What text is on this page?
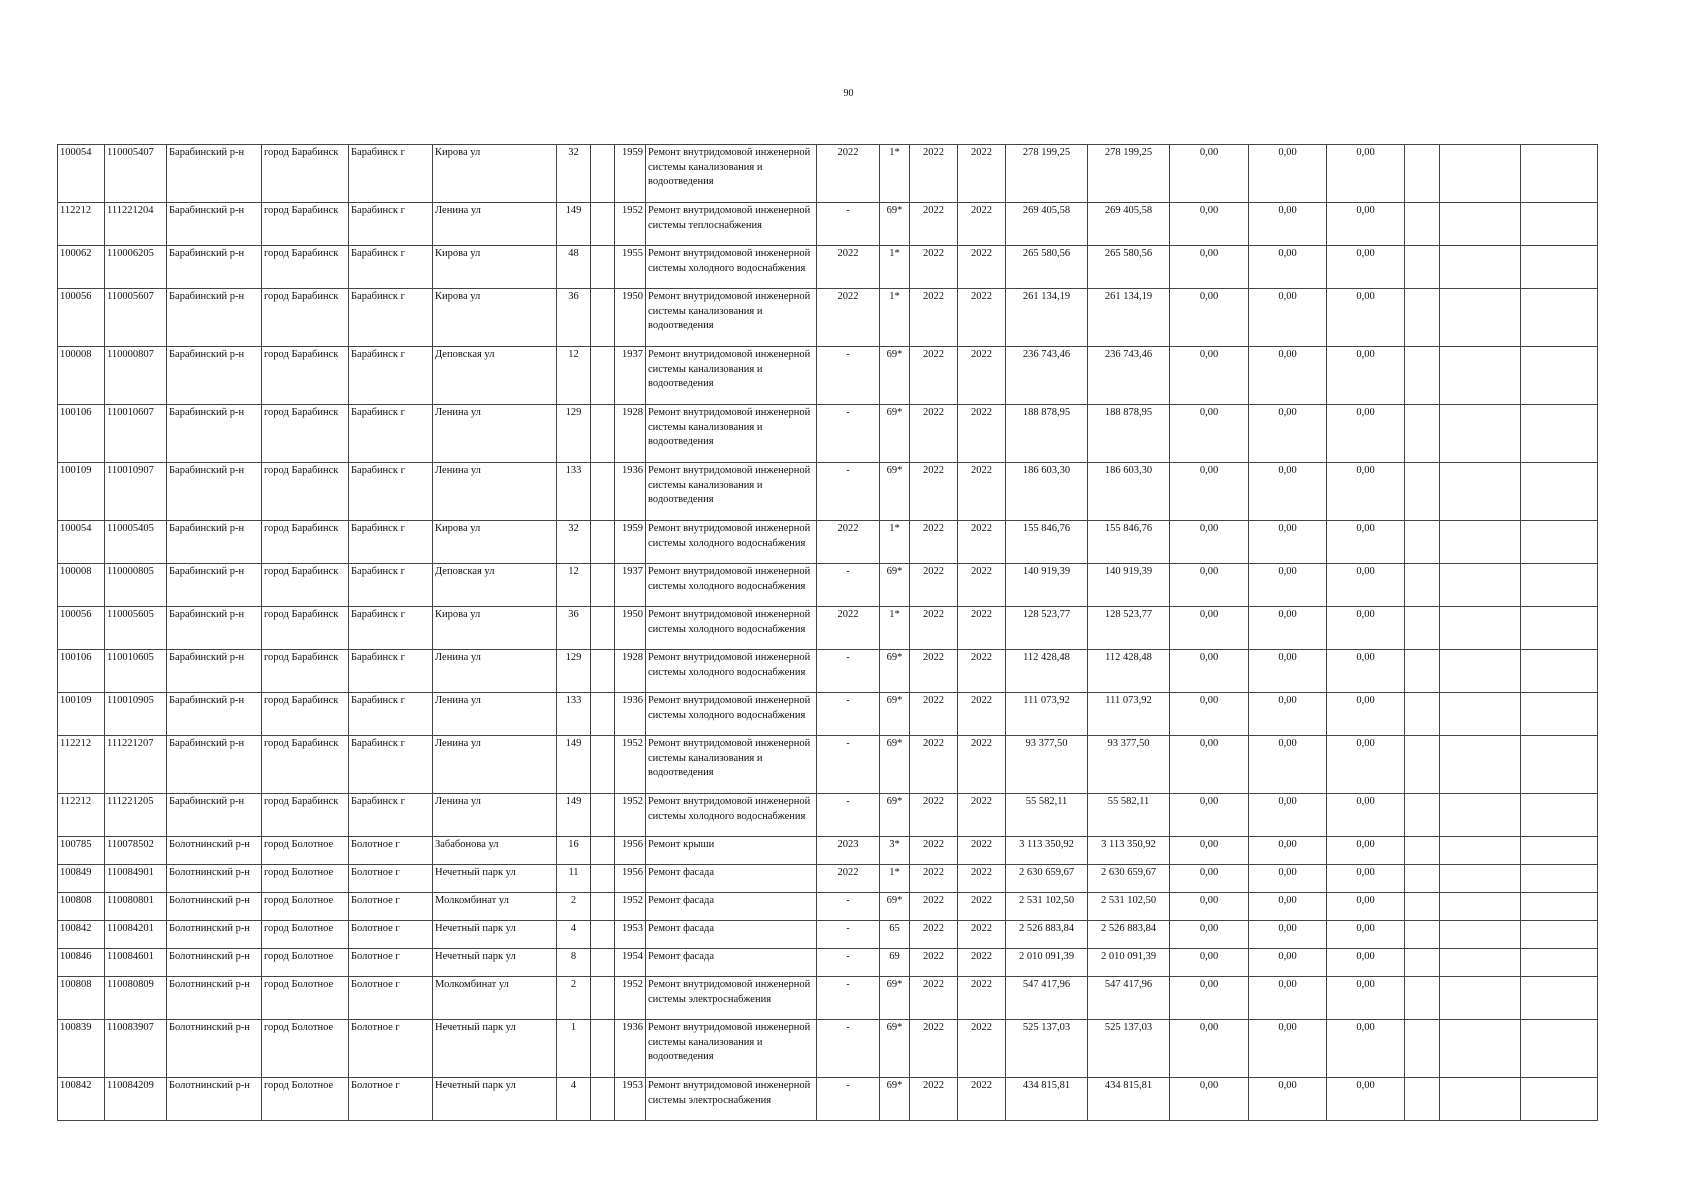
90
100054	110005407	Барабинский р-н	город Барабинск	Барабинск г	Кирова ул	32		1959	Ремонт внутридомовой инженерной системы канализования и водоотведения	2022	1*	2022	2022	278 199,25	278 199,25	0,00	0,00	0,00			
112212	111221204	Барабинский р-н	город Барабинск	Барабинск г	Ленина ул	149		1952	Ремонт внутридомовой инженерной системы теплоснабжения	-	69*	2022	2022	269 405,58	269 405,58	0,00	0,00	0,00			
100062	110006205	Барабинский р-н	город Барабинск	Барабинск г	Кирова ул	48		1955	Ремонт внутридомовой инженерной системы холодного водоснабжения	2022	1*	2022	2022	265 580,56	265 580,56	0,00	0,00	0,00			
100056	110005607	Барабинский р-н	город Барабинск	Барабинск г	Кирова ул	36		1950	Ремонт внутридомовой инженерной системы канализования и водоотведения	2022	1*	2022	2022	261 134,19	261 134,19	0,00	0,00	0,00			
100008	110000807	Барабинский р-н	город Барабинск	Барабинск г	Деповская ул	12		1937	Ремонт внутридомовой инженерной системы канализования и водоотведения	-	69*	2022	2022	236 743,46	236 743,46	0,00	0,00	0,00			
100106	110010607	Барабинский р-н	город Барабинск	Барабинск г	Ленина ул	129		1928	Ремонт внутридомовой инженерной системы канализования и водоотведения	-	69*	2022	2022	188 878,95	188 878,95	0,00	0,00	0,00			
100109	110010907	Барабинский р-н	город Барабинск	Барабинск г	Ленина ул	133		1936	Ремонт внутридомовой инженерной системы канализования и водоотведения	-	69*	2022	2022	186 603,30	186 603,30	0,00	0,00	0,00			
100054	110005405	Барабинский р-н	город Барабинск	Барабинск г	Кирова ул	32		1959	Ремонт внутридомовой инженерной системы холодного водоснабжения	2022	1*	2022	2022	155 846,76	155 846,76	0,00	0,00	0,00			
100008	110000805	Барабинский р-н	город Барабинск	Барабинск г	Деповская ул	12		1937	Ремонт внутридомовой инженерной системы холодного водоснабжения	-	69*	2022	2022	140 919,39	140 919,39	0,00	0,00	0,00			
100056	110005605	Барабинский р-н	город Барабинск	Барабинск г	Кирова ул	36		1950	Ремонт внутридомовой инженерной системы холодного водоснабжения	2022	1*	2022	2022	128 523,77	128 523,77	0,00	0,00	0,00			
100106	110010605	Барабинский р-н	город Барабинск	Барабинск г	Ленина ул	129		1928	Ремонт внутридомовой инженерной системы холодного водоснабжения	-	69*	2022	2022	112 428,48	112 428,48	0,00	0,00	0,00			
100109	110010905	Барабинский р-н	город Барабинск	Барабинск г	Ленина ул	133		1936	Ремонт внутридомовой инженерной системы холодного водоснабжения	-	69*	2022	2022	111 073,92	111 073,92	0,00	0,00	0,00			
112212	111221207	Барабинский р-н	город Барабинск	Барабинск г	Ленина ул	149		1952	Ремонт внутридомовой инженерной системы канализования и водоотведения	-	69*	2022	2022	93 377,50	93 377,50	0,00	0,00	0,00			
112212	111221205	Барабинский р-н	город Барабинск	Барабинск г	Ленина ул	149		1952	Ремонт внутридомовой инженерной системы холодного водоснабжения	-	69*	2022	2022	55 582,11	55 582,11	0,00	0,00	0,00			
100785	110078502	Болотнинский р-н	город Болотное	Болотное г	Забабонова ул	16		1956	Ремонт крыши	2023	3*	2022	2022	3 113 350,92	3 113 350,92	0,00	0,00	0,00			
100849	110084901	Болотнинский р-н	город Болотное	Болотное г	Нечетный парк ул	11		1956	Ремонт фасада	2022	1*	2022	2022	2 630 659,67	2 630 659,67	0,00	0,00	0,00			
100808	110080801	Болотнинский р-н	город Болотное	Болотное г	Молкомбинат ул	2		1952	Ремонт фасада	-	69*	2022	2022	2 531 102,50	2 531 102,50	0,00	0,00	0,00			
100842	110084201	Болотнинский р-н	город Болотное	Болотное г	Нечетный парк ул	4		1953	Ремонт фасада	-	65	2022	2022	2 526 883,84	2 526 883,84	0,00	0,00	0,00			
100846	110084601	Болотнинский р-н	город Болотное	Болотное г	Нечетный парк ул	8		1954	Ремонт фасада	-	69	2022	2022	2 010 091,39	2 010 091,39	0,00	0,00	0,00			
100808	110080809	Болотнинский р-н	город Болотное	Болотное г	Молкомбинат ул	2		1952	Ремонт внутридомовой инженерной системы электроснабжения	-	69*	2022	2022	547 417,96	547 417,96	0,00	0,00	0,00			
100839	110083907	Болотнинский р-н	город Болотное	Болотное г	Нечетный парк ул	1		1936	Ремонт внутридомовой инженерной системы канализования и водоотведения	-	69*	2022	2022	525 137,03	525 137,03	0,00	0,00	0,00			
100842	110084209	Болотнинский р-н	город Болотное	Болотное г	Нечетный парк ул	4		1953	Ремонт внутридомовой инженерной системы электроснабжения	-	69*	2022	2022	434 815,81	434 815,81	0,00	0,00	0,00			
